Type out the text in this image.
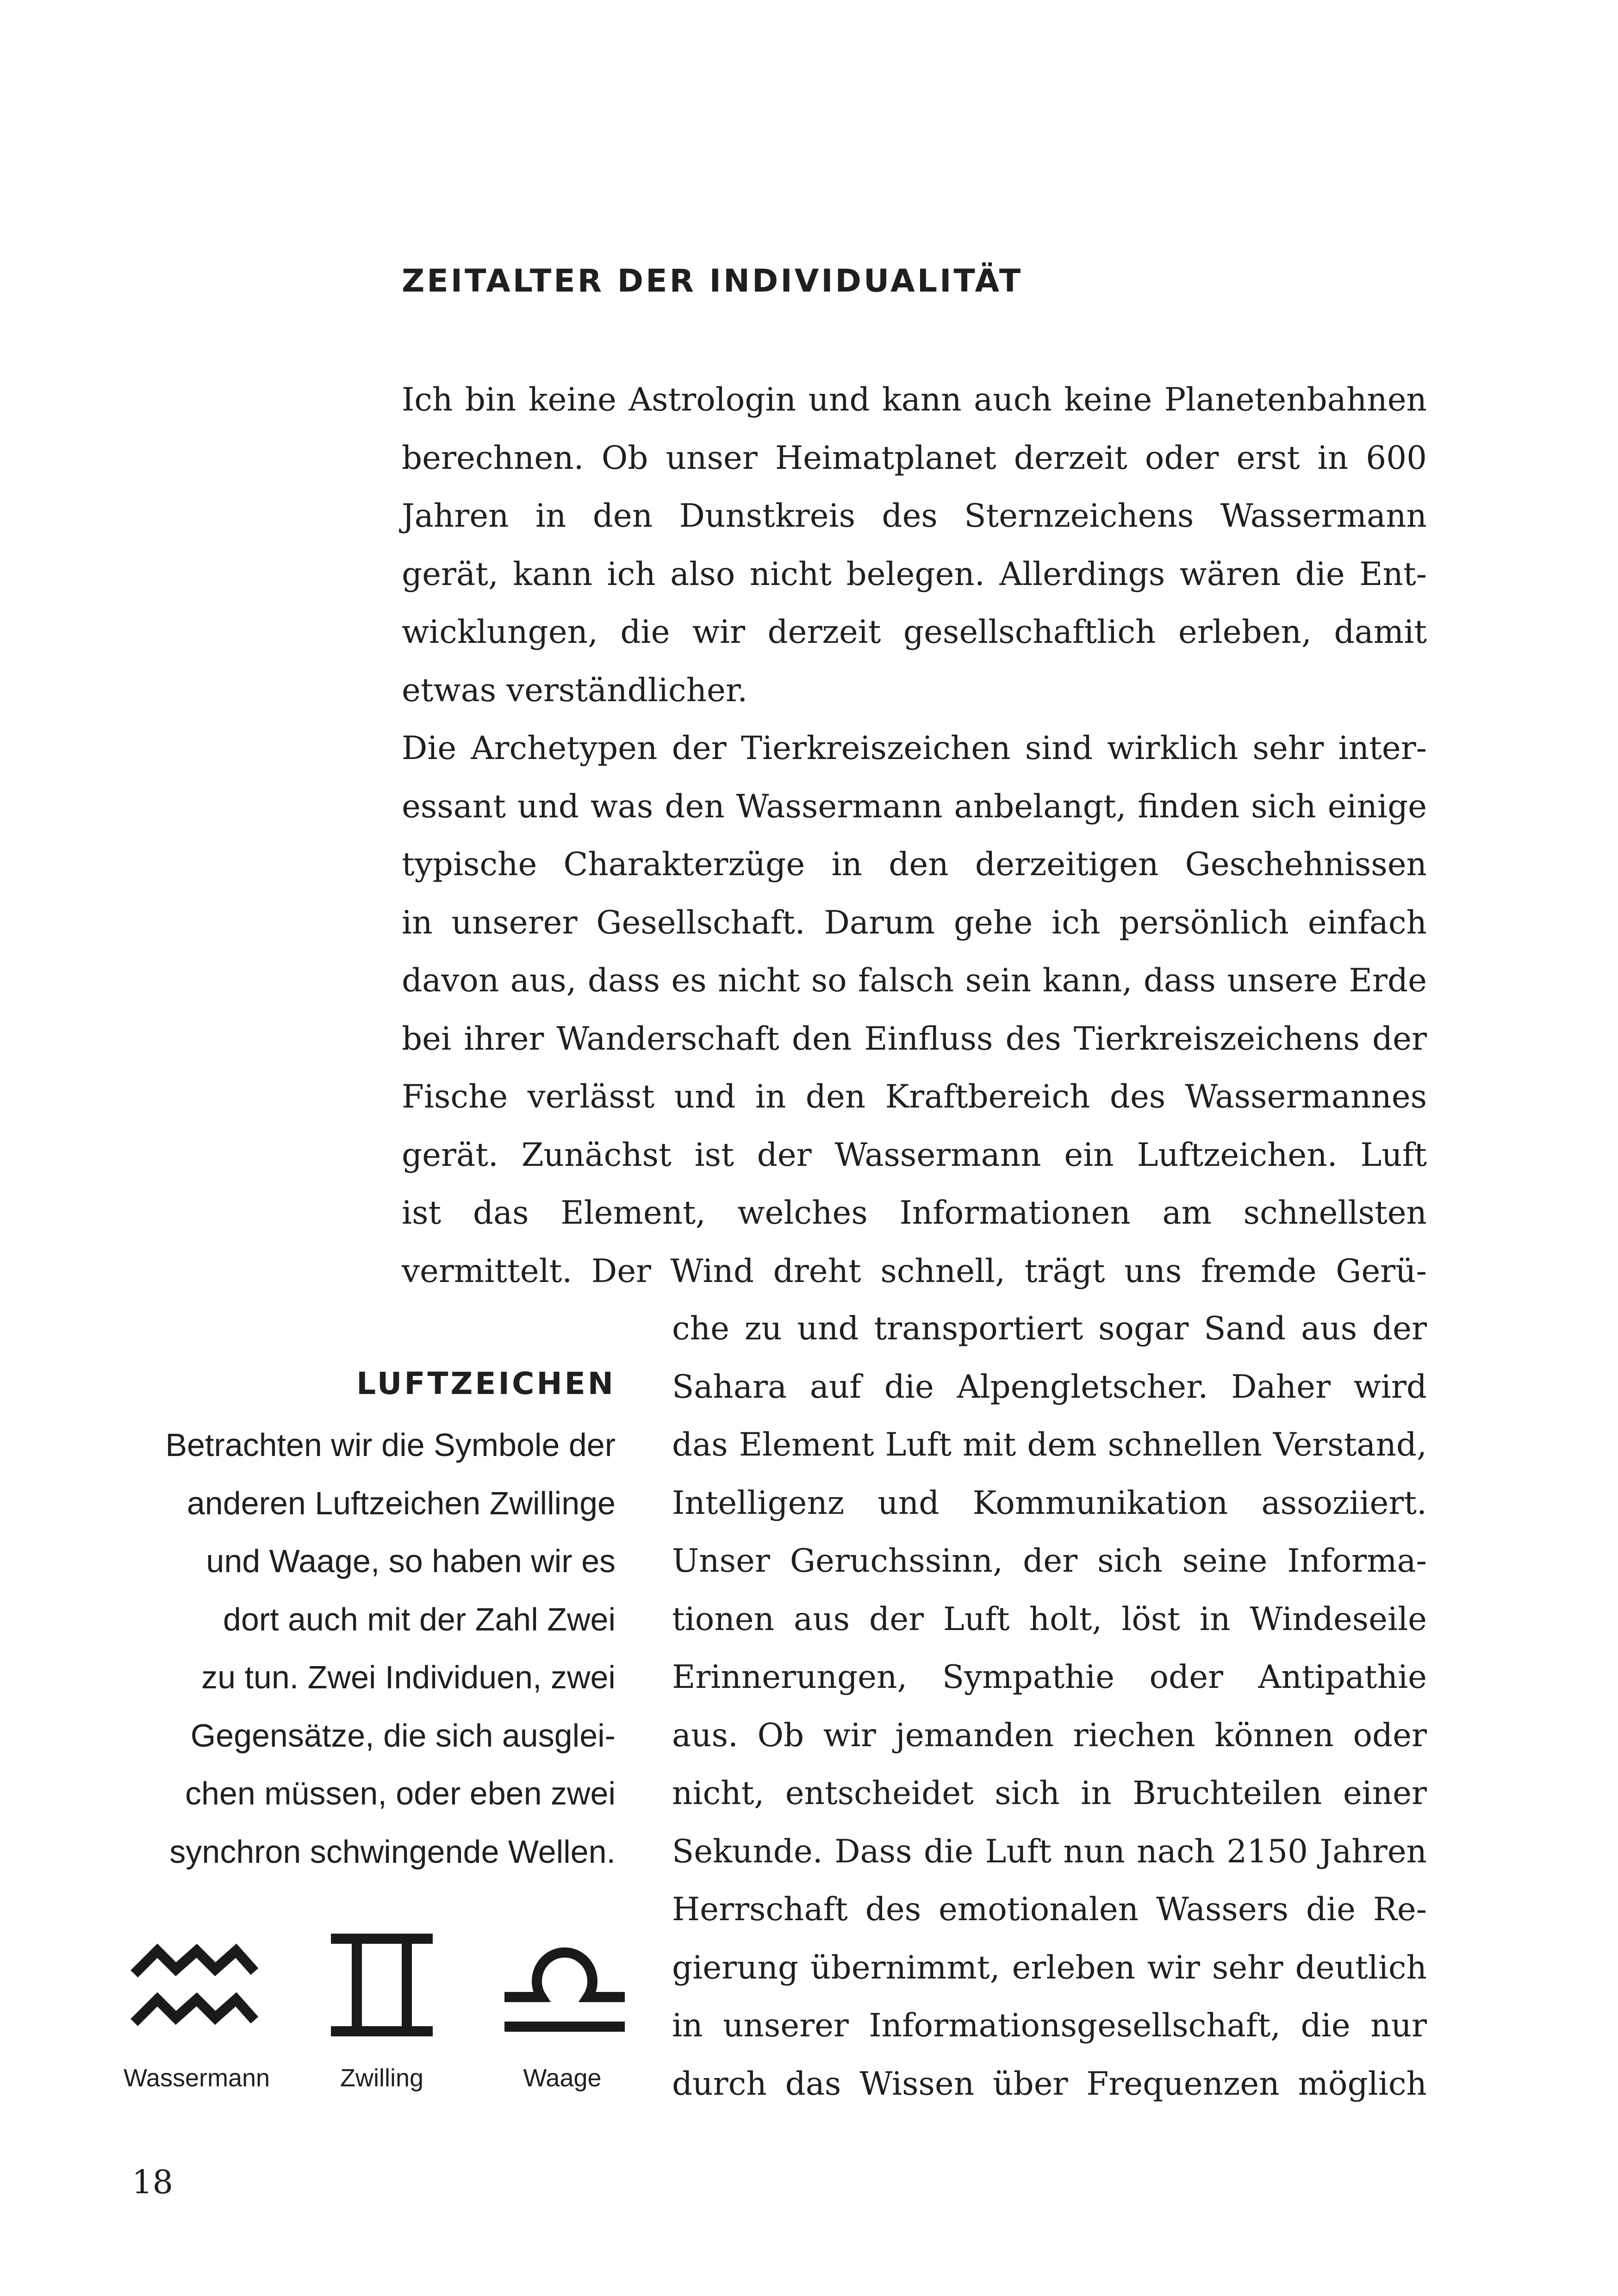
ZEITALTER DER INDIVIDUALITÄT
Ich bin keine Astrologin und kann auch keine Planetenbahnen
berechnen. Ob unser Heimatplanet derzeit oder erst in 600
Jahren in den Dunstkreis des Sternzeichens Wassermann
gerät, kann ich also nicht belegen. Allerdings wären die Ent-
wicklungen, die wir derzeit gesellschaftlich erleben, damit
etwas verständlicher.
Die Archetypen der Tierkreiszeichen sind wirklich sehr inter-
essant und was den Wassermann anbelangt, finden sich einige
typische Charakterzüge in den derzeitigen Geschehnissen
in unserer Gesellschaft. Darum gehe ich persönlich einfach
davon aus, dass es nicht so falsch sein kann, dass unsere Erde
bei ihrer Wanderschaft den Einfluss des Tierkreiszeichens der
Fische verlässt und in den Kraftbereich des Wassermannes
gerät. Zunächst ist der Wassermann ein Luftzeichen. Luft
ist das Element, welches Informationen am schnellsten
vermittelt. Der Wind dreht schnell, trägt uns fremde Gerü-
che zu und transportiert sogar Sand aus der
Sahara auf die Alpengletscher. Daher wird
das Element Luft mit dem schnellen Verstand,
Intelligenz und Kommunikation assoziiert.
Unser Geruchssinn, der sich seine Informa-
tionen aus der Luft holt, löst in Windeseile
Erinnerungen, Sympathie oder Antipathie
aus. Ob wir jemanden riechen können oder
nicht, entscheidet sich in Bruchteilen einer
Sekunde. Dass die Luft nun nach 2150 Jahren
Herrschaft des emotionalen Wassers die Re-
gierung übernimmt, erleben wir sehr deutlich
in unserer Informationsgesellschaft, die nur
durch das Wissen über Frequenzen möglich
LUFTZEICHEN
Betrachten wir die Symbole der
anderen Luftzeichen Zwillinge
und Waage, so haben wir es
dort auch mit der Zahl Zwei
zu tun. Zwei Individuen, zwei
Gegensätze, die sich ausglei-
chen müssen, oder eben zwei
synchron schwingende Wellen.
Wassermann	Zwilling	Waage
18
